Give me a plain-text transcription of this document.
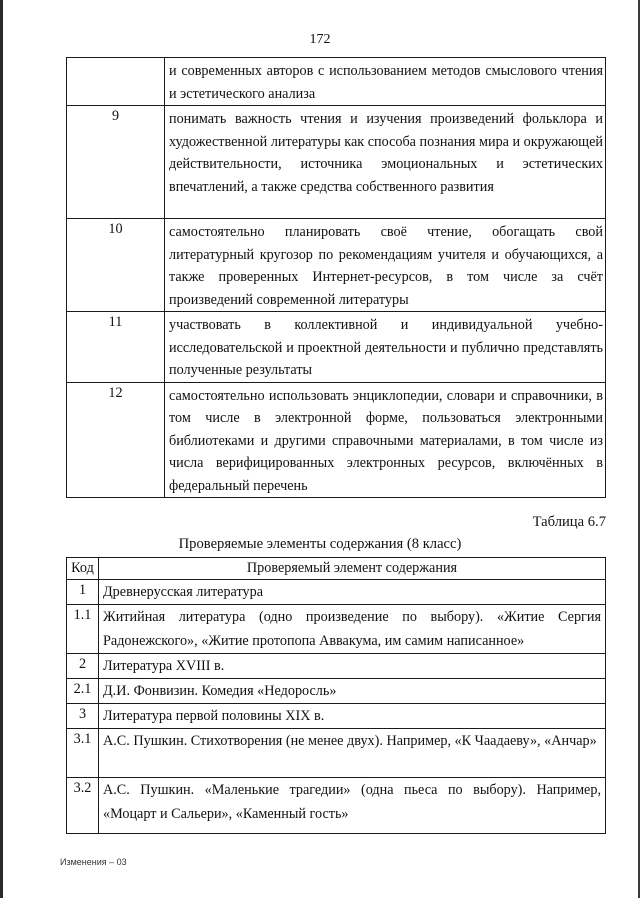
172
	и современных авторов с использованием методов смыслового чтения и эстетического анализа
9	понимать важность чтения и изучения произведений фольклора и художественной литературы как способа познания мира и окружающей действительности, источника эмоциональных и эстетических впечатлений, а также средства собственного развития
10	самостоятельно планировать своё чтение, обогащать свой литературный кругозор по рекомендациям учителя и обучающихся, а также проверенных Интернет-ресурсов, в том числе за счёт произведений современной литературы
11	участвовать в коллективной и индивидуальной учебно-исследовательской и проектной деятельности и публично представлять полученные результаты
12	самостоятельно использовать энциклопедии, словари и справочники, в том числе в электронной форме, пользоваться электронными библиотеками и другими справочными материалами, в том числе из числа верифицированных электронных ресурсов, включённых в федеральный перечень
Таблица 6.7
Проверяемые элементы содержания (8 класс)
Код	Проверяемый элемент содержания
1	Древнерусская литература
1.1	Житийная литература (одно произведение по выбору). «Житие Сергия Радонежского», «Житие протопопа Аввакума, им самим написанное»
2	Литература XVIII в.
2.1	Д.И. Фонвизин. Комедия «Недоросль»
3	Литература первой половины XIX в.
3.1	А.С. Пушкин. Стихотворения (не менее двух). Например, «К Чаадаеву», «Анчар»
3.2	А.С. Пушкин. «Маленькие трагедии» (одна пьеса по выбору). Например, «Моцарт и Сальери», «Каменный гость»
Изменения – 03
